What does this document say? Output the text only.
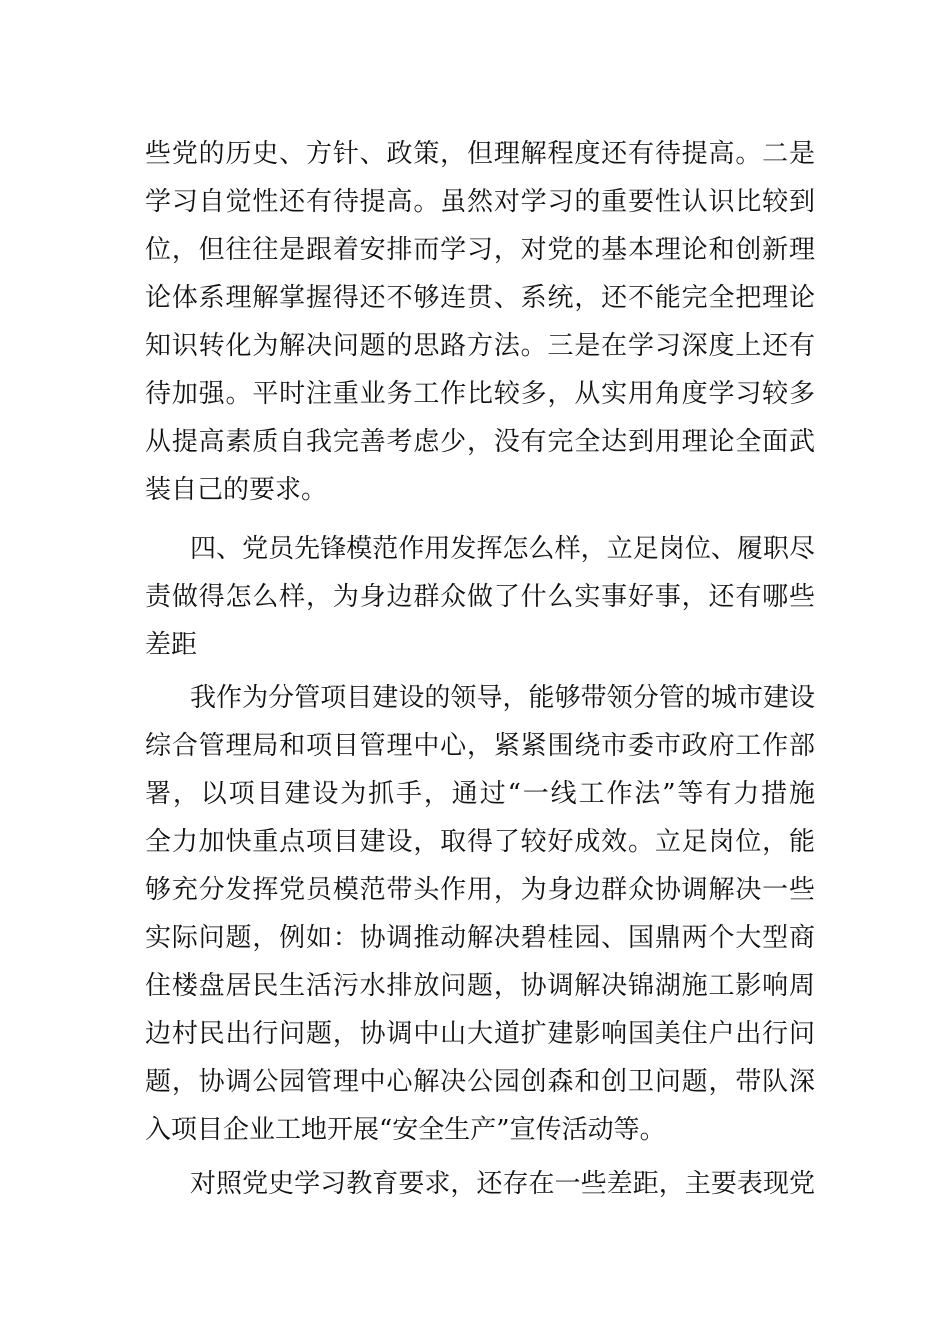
些党的历史、方针、政策，但理解程度还有待提高。二是
学习自觉性还有待提高。虽然对学习的重要性认识比较到
位，但往往是跟着安排而学习，对党的基本理论和创新理
论体系理解掌握得还不够连贯、系统，还不能完全把理论
知识转化为解决问题的思路方法。三是在学习深度上还有
待加强。平时注重业务工作比较多，从实用角度学习较多
从提高素质自我完善考虑少，没有完全达到用理论全面武
装自己的要求。
四、党员先锋模范作用发挥怎么样，立足岗位、履职尽
责做得怎么样，为身边群众做了什么实事好事，还有哪些
差距
我作为分管项目建设的领导，能够带领分管的城市建设
综合管理局和项目管理中心，紧紧围绕市委市政府工作部
署，以项目建设为抓手，通过“一线工作法”等有力措施
全力加快重点项目建设，取得了较好成效。立足岗位，能
够充分发挥党员模范带头作用，为身边群众协调解决一些
实际问题，例如：协调推动解决碧桂园、国鼎两个大型商
住楼盘居民生活污水排放问题，协调解决锦湖施工影响周
边村民出行问题，协调中山大道扩建影响国美住户出行问
题，协调公园管理中心解决公园创森和创卫问题，带队深
入项目企业工地开展“安全生产”宣传活动等。
对照党史学习教育要求，还存在一些差距，主要表现党
